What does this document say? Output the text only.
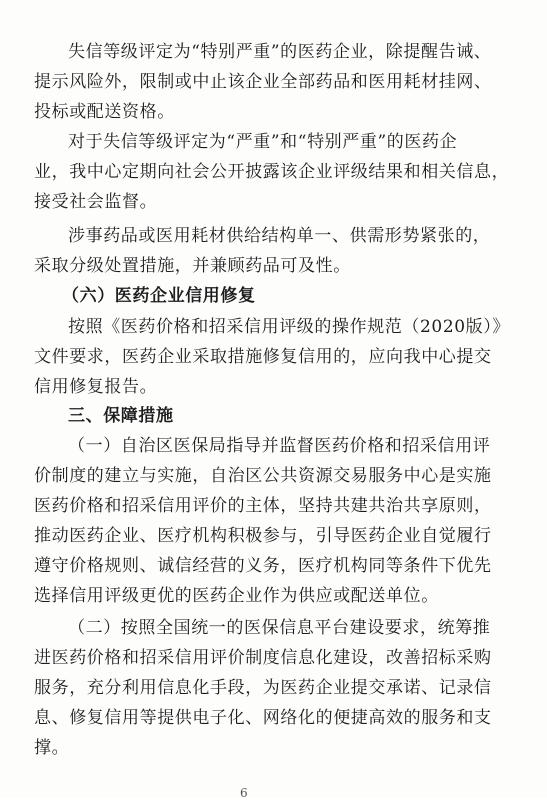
失信等级评定为“特别严重”的医药企业，除提醒告诫、
提示风险外，限制或中止该企业全部药品和医用耗材挂网、
投标或配送资格。
对于失信等级评定为“严重”和“特别严重”的医药企
业，我中心定期向社会公开披露该企业评级结果和相关信息，
接受社会监督。
涉事药品或医用耗材供给结构单一、供需形势紧张的，
采取分级处置措施，并兼顾药品可及性。
（六）医药企业信用修复
按照《医药价格和招采信用评级的操作规范（2020版）》
文件要求，医药企业采取措施修复信用的，应向我中心提交
信用修复报告。
三、保障措施
（一）自治区医保局指导并监督医药价格和招采信用评
价制度的建立与实施，自治区公共资源交易服务中心是实施
医药价格和招采信用评价的主体，坚持共建共治共享原则，
推动医药企业、医疗机构积极参与，引导医药企业自觉履行
遵守价格规则、诚信经营的义务，医疗机构同等条件下优先
选择信用评级更优的医药企业作为供应或配送单位。
（二）按照全国统一的医保信息平台建设要求，统筹推
进医药价格和招采信用评价制度信息化建设，改善招标采购
服务，充分利用信息化手段，为医药企业提交承诺、记录信
息、修复信用等提供电子化、网络化的便捷高效的服务和支
撑。
6
